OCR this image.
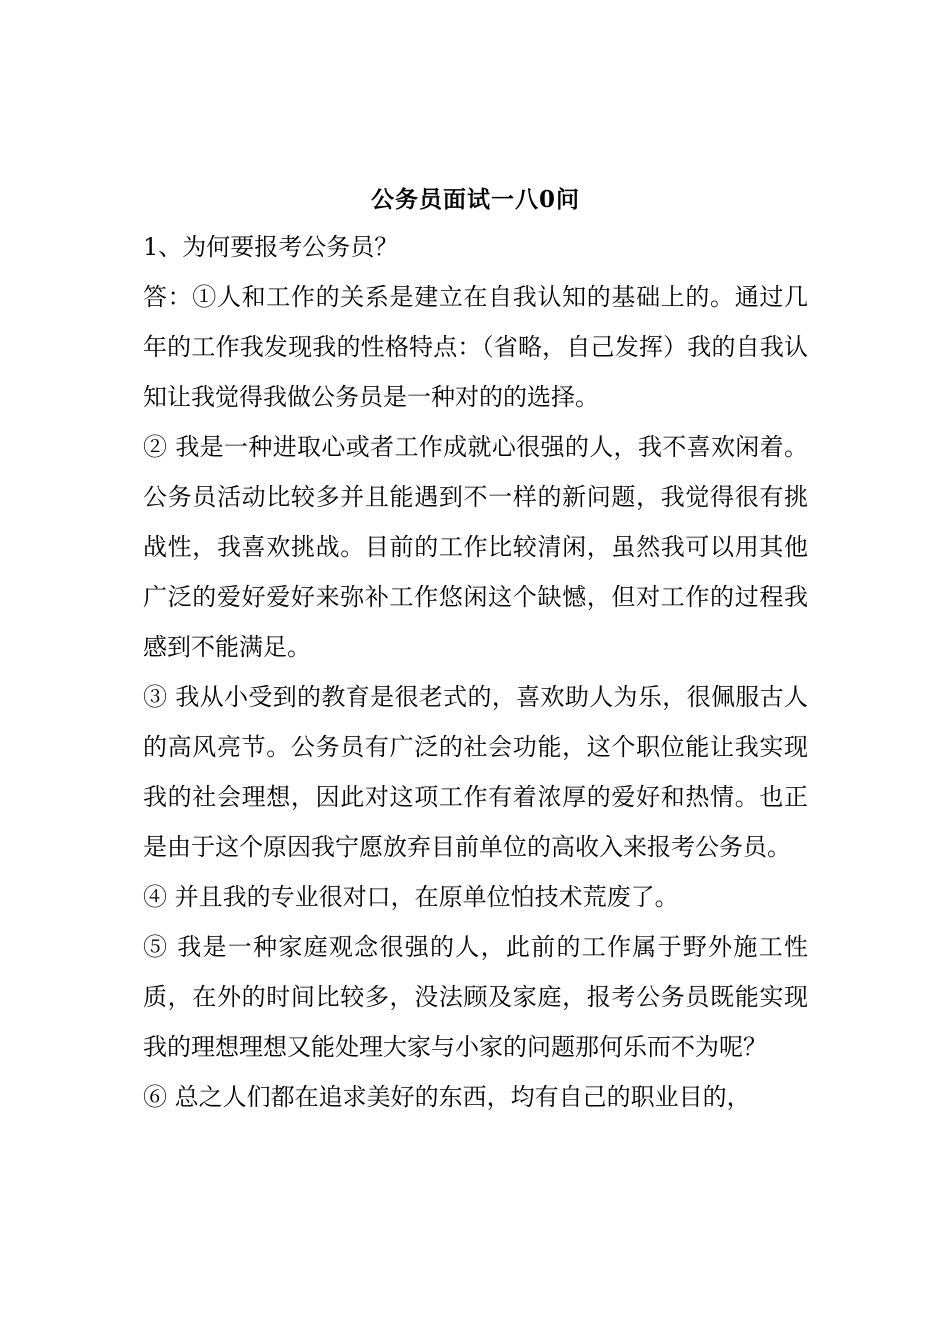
公务员面试一八0问

1、为何要报考公务员？

答：①人和工作的关系是建立在自我认知的基础上的。通过几年的工作我发现我的性格特点：（省略，自己发挥）我的自我认知让我觉得我做公务员是一种对的的选择。

② 我是一种进取心或者工作成就心很强的人，我不喜欢闲着。公务员活动比较多并且能遇到不一样的新问题，我觉得很有挑战性，我喜欢挑战。目前的工作比较清闲，虽然我可以用其他广泛的爱好爱好来弥补工作悠闲这个缺憾，但对工作的过程我感到不能满足。

③ 我从小受到的教育是很老式的，喜欢助人为乐，很佩服古人的高风亮节。公务员有广泛的社会功能，这个职位能让我实现我的社会理想，因此对这项工作有着浓厚的爱好和热情。也正是由于这个原因我宁愿放弃目前单位的高收入来报考公务员。

④ 并且我的专业很对口，在原单位怕技术荒废了。

⑤ 我是一种家庭观念很强的人，此前的工作属于野外施工性质，在外的时间比较多，没法顾及家庭，报考公务员既能实现我的理想理想又能处理大家与小家的问题那何乐而不为呢？

⑥ 总之人们都在追求美好的东西，均有自己的职业目的，
